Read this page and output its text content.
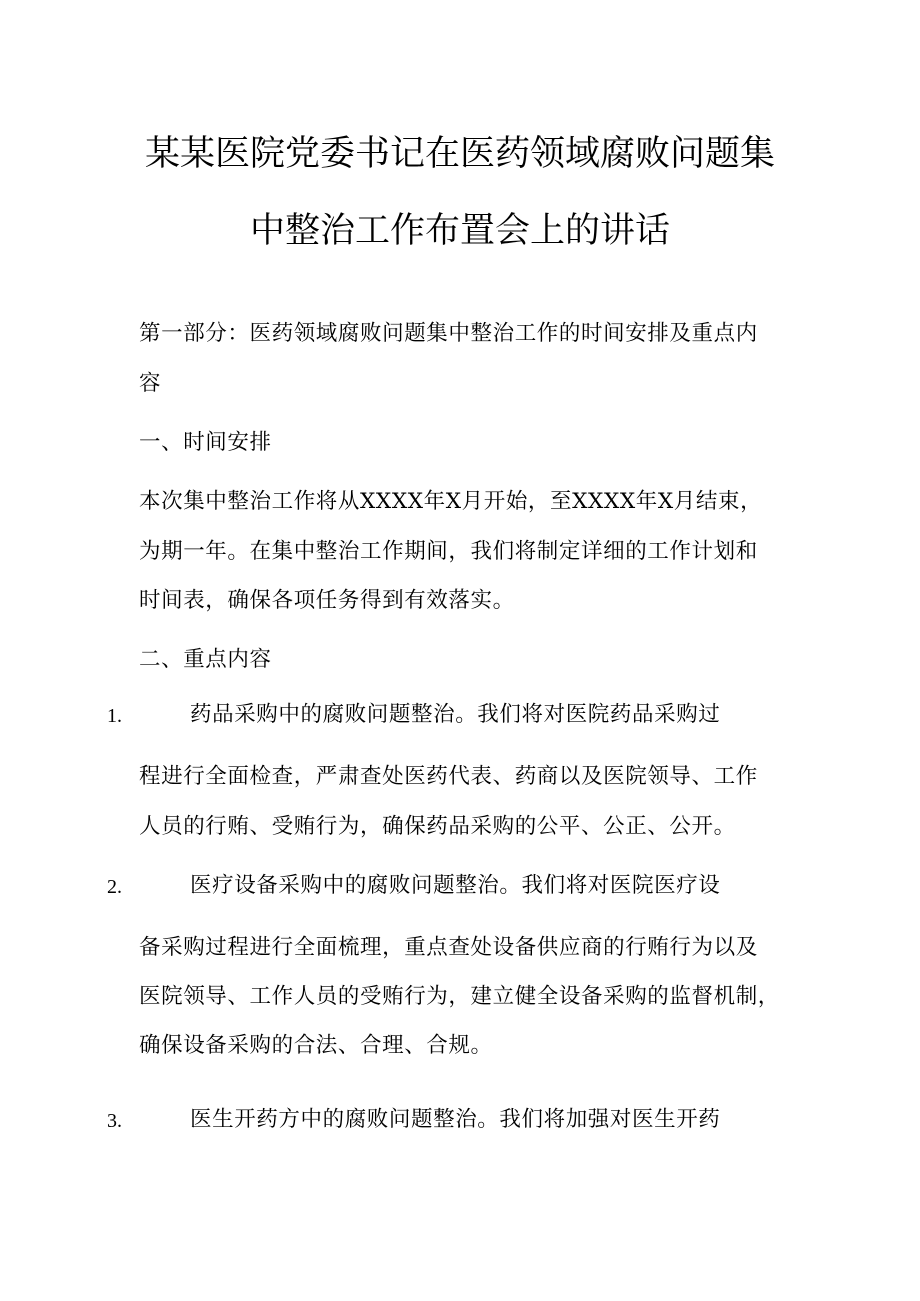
某某医院党委书记在医药领域腐败问题集
中整治工作布置会上的讲话
第一部分：医药领域腐败问题集中整治工作的时间安排及重点内
容
一、时间安排
本次集中整治工作将从XXXX年X月开始，至XXXX年X月结束，
为期一年。在集中整治工作期间，我们将制定详细的工作计划和
时间表，确保各项任务得到有效落实。
二、重点内容
1.	药品采购中的腐败问题整治。我们将对医院药品采购过
程进行全面检查，严肃查处医药代表、药商以及医院领导、工作
人员的行贿、受贿行为，确保药品采购的公平、公正、公开。
2.	医疗设备采购中的腐败问题整治。我们将对医院医疗设
备采购过程进行全面梳理，重点查处设备供应商的行贿行为以及
医院领导、工作人员的受贿行为，建立健全设备采购的监督机制，
确保设备采购的合法、合理、合规。
3.	医生开药方中的腐败问题整治。我们将加强对医生开药
